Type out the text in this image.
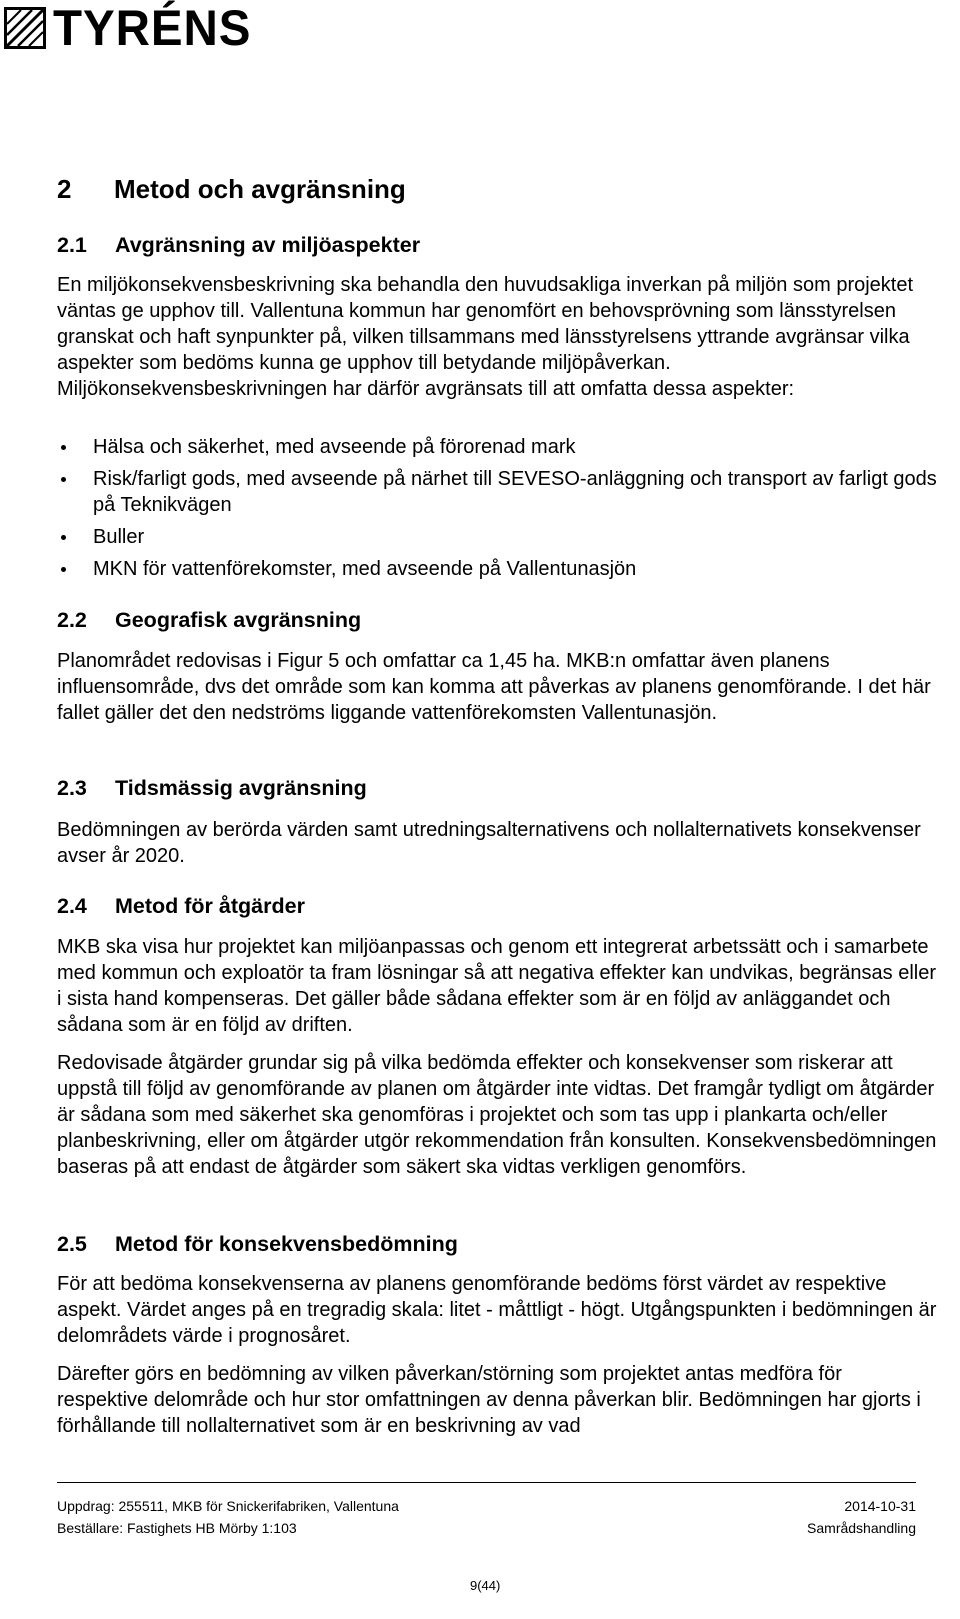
TYRÉNS
2 Metod och avgränsning
2.1 Avgränsning av miljöaspekter

En miljökonsekvensbeskrivning ska behandla den huvudsakliga inverkan på miljön som projektet väntas ge upphov till. Vallentuna kommun har genomfört en behovsprövning som länsstyrelsen granskat och haft synpunkter på, vilken tillsammans med länsstyrelsens yttrande avgränsar vilka aspekter som bedöms kunna ge upphov till betydande miljöpåverkan. Miljökonsekvensbeskrivningen har därför avgränsats till att omfatta dessa aspekter:

Hälsa och säkerhet, med avseende på förorenad mark
Risk/farligt gods, med avseende på närhet till SEVESO-anläggning och transport av farligt gods på Teknikvägen
Buller
MKN för vattenförekomster, med avseende på Vallentunasjön
2.2 Geografisk avgränsning

Planområdet redovisas i Figur 5 och omfattar ca 1,45 ha. MKB:n omfattar även planens influensområde, dvs det område som kan komma att påverkas av planens genomförande. I det här fallet gäller det den nedströms liggande vattenförekomsten Vallentunasjön.

2.3 Tidsmässig avgränsning

Bedömningen av berörda värden samt utredningsalternativens och nollalternativets konsekvenser avser år 2020.

2.4 Metod för åtgärder

MKB ska visa hur projektet kan miljöanpassas och genom ett integrerat arbetssätt och i samarbete med kommun och exploatör ta fram lösningar så att negativa effekter kan undvikas, begränsas eller i sista hand kompenseras. Det gäller både sådana effekter som är en följd av anläggandet och sådana som är en följd av driften.

Redovisade åtgärder grundar sig på vilka bedömda effekter och konsekvenser som riskerar att uppstå till följd av genomförande av planen om åtgärder inte vidtas. Det framgår tydligt om åtgärder är sådana som med säkerhet ska genomföras i projektet och som tas upp i plankarta och/eller planbeskrivning, eller om åtgärder utgör rekommendation från konsulten. Konsekvensbedömningen baseras på att endast de åtgärder som säkert ska vidtas verkligen genomförs.

2.5 Metod för konsekvensbedömning

För att bedöma konsekvenserna av planens genomförande bedöms först värdet av respektive aspekt. Värdet anges på en tregradig skala: litet - måttligt - högt. Utgångspunkten i bedömningen är delområdets värde i prognosåret.

Därefter görs en bedömning av vilken påverkan/störning som projektet antas medföra för respektive delområde och hur stor omfattningen av denna påverkan blir. Bedömningen har gjorts i förhållande till nollalternativet som är en beskrivning av vad

Uppdrag: 255511, MKB för Snickerifabriken, Vallentuna
Beställare: Fastighets HB Mörby 1:103
2014-10-31
Samrådshandling
9(44)
